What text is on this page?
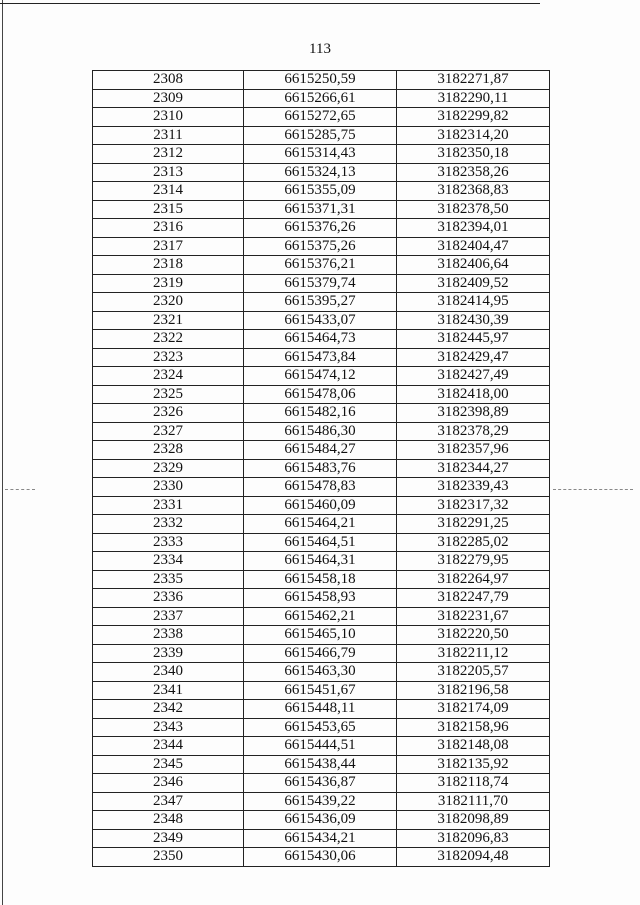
113
2308	6615250,59	3182271,87
2309	6615266,61	3182290,11
2310	6615272,65	3182299,82
2311	6615285,75	3182314,20
2312	6615314,43	3182350,18
2313	6615324,13	3182358,26
2314	6615355,09	3182368,83
2315	6615371,31	3182378,50
2316	6615376,26	3182394,01
2317	6615375,26	3182404,47
2318	6615376,21	3182406,64
2319	6615379,74	3182409,52
2320	6615395,27	3182414,95
2321	6615433,07	3182430,39
2322	6615464,73	3182445,97
2323	6615473,84	3182429,47
2324	6615474,12	3182427,49
2325	6615478,06	3182418,00
2326	6615482,16	3182398,89
2327	6615486,30	3182378,29
2328	6615484,27	3182357,96
2329	6615483,76	3182344,27
2330	6615478,83	3182339,43
2331	6615460,09	3182317,32
2332	6615464,21	3182291,25
2333	6615464,51	3182285,02
2334	6615464,31	3182279,95
2335	6615458,18	3182264,97
2336	6615458,93	3182247,79
2337	6615462,21	3182231,67
2338	6615465,10	3182220,50
2339	6615466,79	3182211,12
2340	6615463,30	3182205,57
2341	6615451,67	3182196,58
2342	6615448,11	3182174,09
2343	6615453,65	3182158,96
2344	6615444,51	3182148,08
2345	6615438,44	3182135,92
2346	6615436,87	3182118,74
2347	6615439,22	3182111,70
2348	6615436,09	3182098,89
2349	6615434,21	3182096,83
2350	6615430,06	3182094,48
